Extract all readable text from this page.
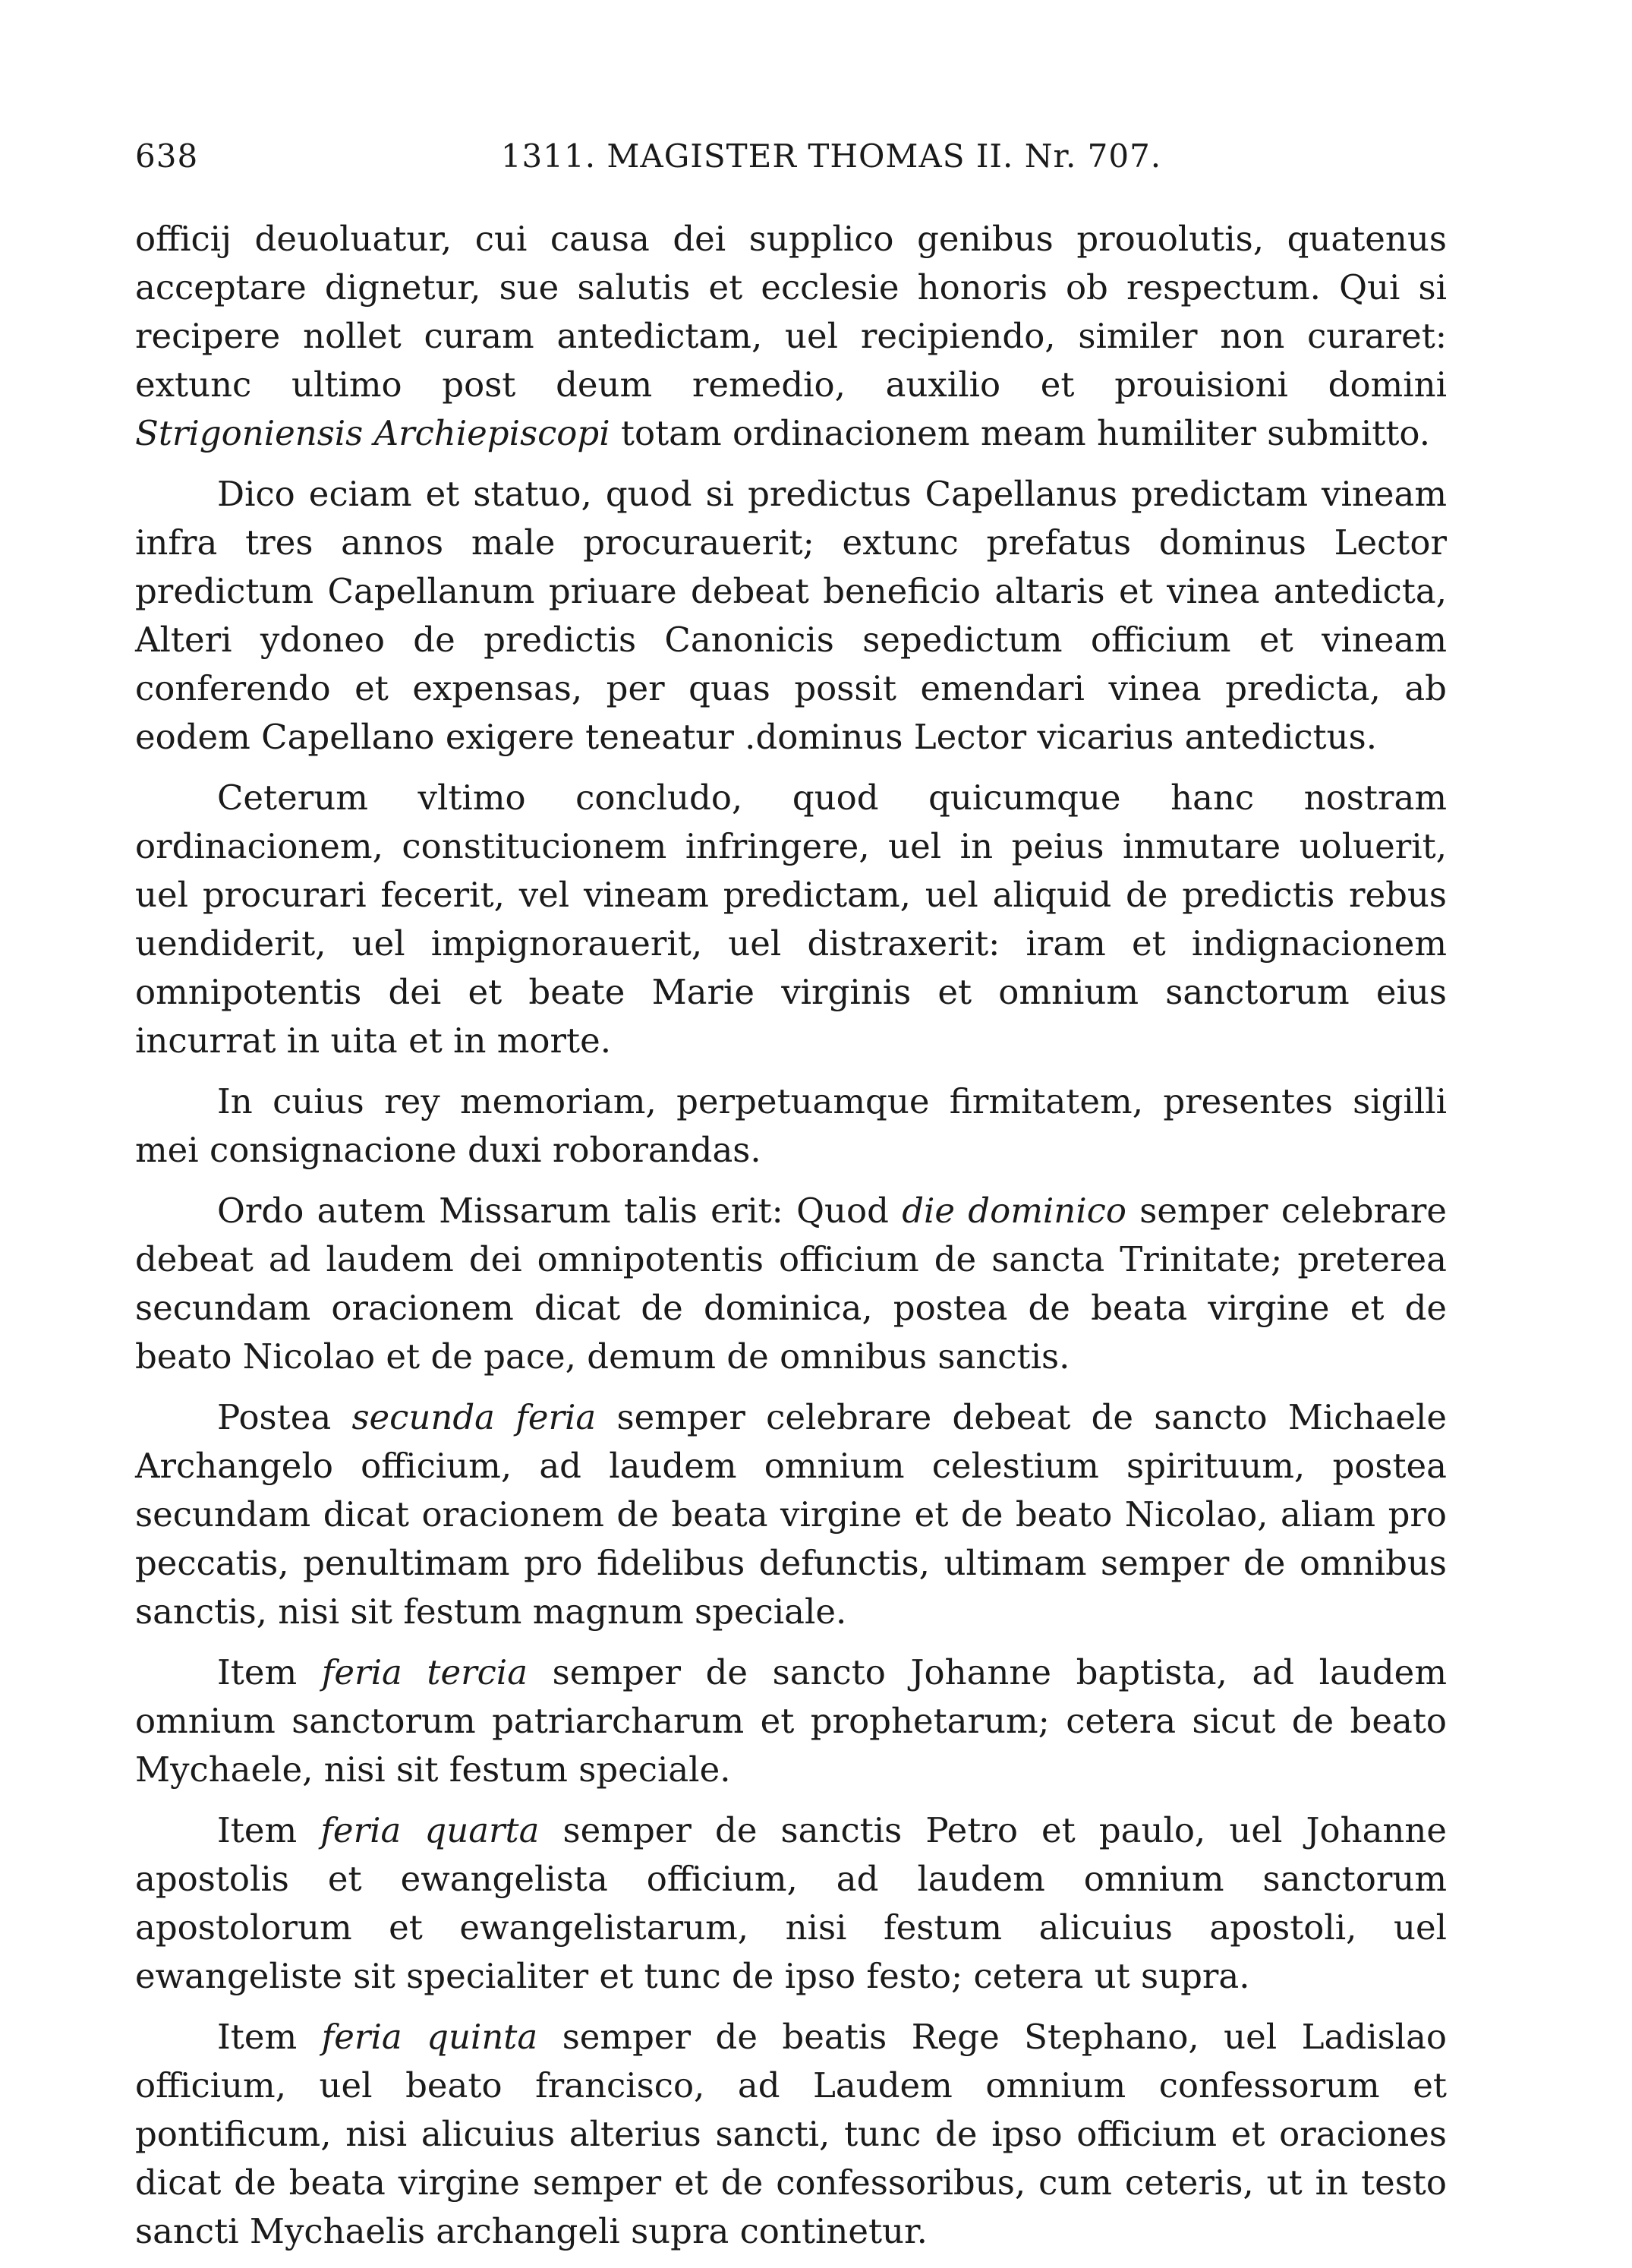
638	1311. MAGISTER THOMAS II. Nr. 707.

officij deuoluatur, cui causa dei supplico genibus prouolutis, quatenus acceptare dignetur, sue salutis et ecclesie honoris ob respectum. Qui si recipere nollet curam antedictam, uel recipiendo, similer non curaret: extunc ultimo post deum remedio, auxilio et prouisioni domini Strigoniensis Archiepiscopi totam ordinacionem meam humiliter submitto.

Dico eciam et statuo, quod si predictus Capellanus predictam vineam infra tres annos male procurauerit; extunc prefatus dominus Lector predictum Capellanum priuare debeat beneficio altaris et vinea antedicta, Alteri ydoneo de predictis Canonicis sepedictum officium et vineam conferendo et expensas, per quas possit emendari vinea predicta, ab eodem Capellano exigere teneatur .dominus Lector vicarius antedictus.

Ceterum vltimo concludo, quod quicumque hanc nostram ordinacionem, constitucionem infringere, uel in peius inmutare uoluerit, uel procurari fecerit, vel vineam predictam, uel aliquid de predictis rebus uendiderit, uel impignorauerit, uel distraxerit: iram et indignacionem omnipotentis dei et beate Marie virginis et omnium sanctorum eius incurrat in uita et in morte.

In cuius rey memoriam, perpetuamque firmitatem, presentes sigilli mei consignacione duxi roborandas.

Ordo autem Missarum talis erit: Quod die dominico semper celebrare debeat ad laudem dei omnipotentis officium de sancta Trinitate; preterea secundam oracionem dicat de dominica, postea de beata virgine et de beato Nicolao et de pace, demum de omnibus sanctis.

Postea secunda feria semper celebrare debeat de sancto Michaele Archangelo officium, ad laudem omnium celestium spirituum, postea secundam dicat oracionem de beata virgine et de beato Nicolao, aliam pro peccatis, penultimam pro fidelibus defunctis, ultimam semper de omnibus sanctis, nisi sit festum magnum speciale.

Item feria tercia semper de sancto Johanne baptista, ad laudem omnium sanctorum patriarcharum et prophetarum; cetera sicut de beato Mychaele, nisi sit festum speciale.

Item feria quarta semper de sanctis Petro et paulo, uel Johanne apostolis et ewangelista officium, ad laudem omnium sanctorum apostolorum et ewangelistarum, nisi festum alicuius apostoli, uel ewangeliste sit specialiter et tunc de ipso festo; cetera ut supra.

Item feria quinta semper de beatis Rege Stephano, uel Ladislao officium, uel beato francisco, ad Laudem omnium confessorum et pontificum, nisi alicuius alterius sancti, tunc de ipso officium et oraciones dicat de beata virgine semper et de confessoribus, cum ceteris, ut in testo sancti Mychaelis archangeli supra continetur.
